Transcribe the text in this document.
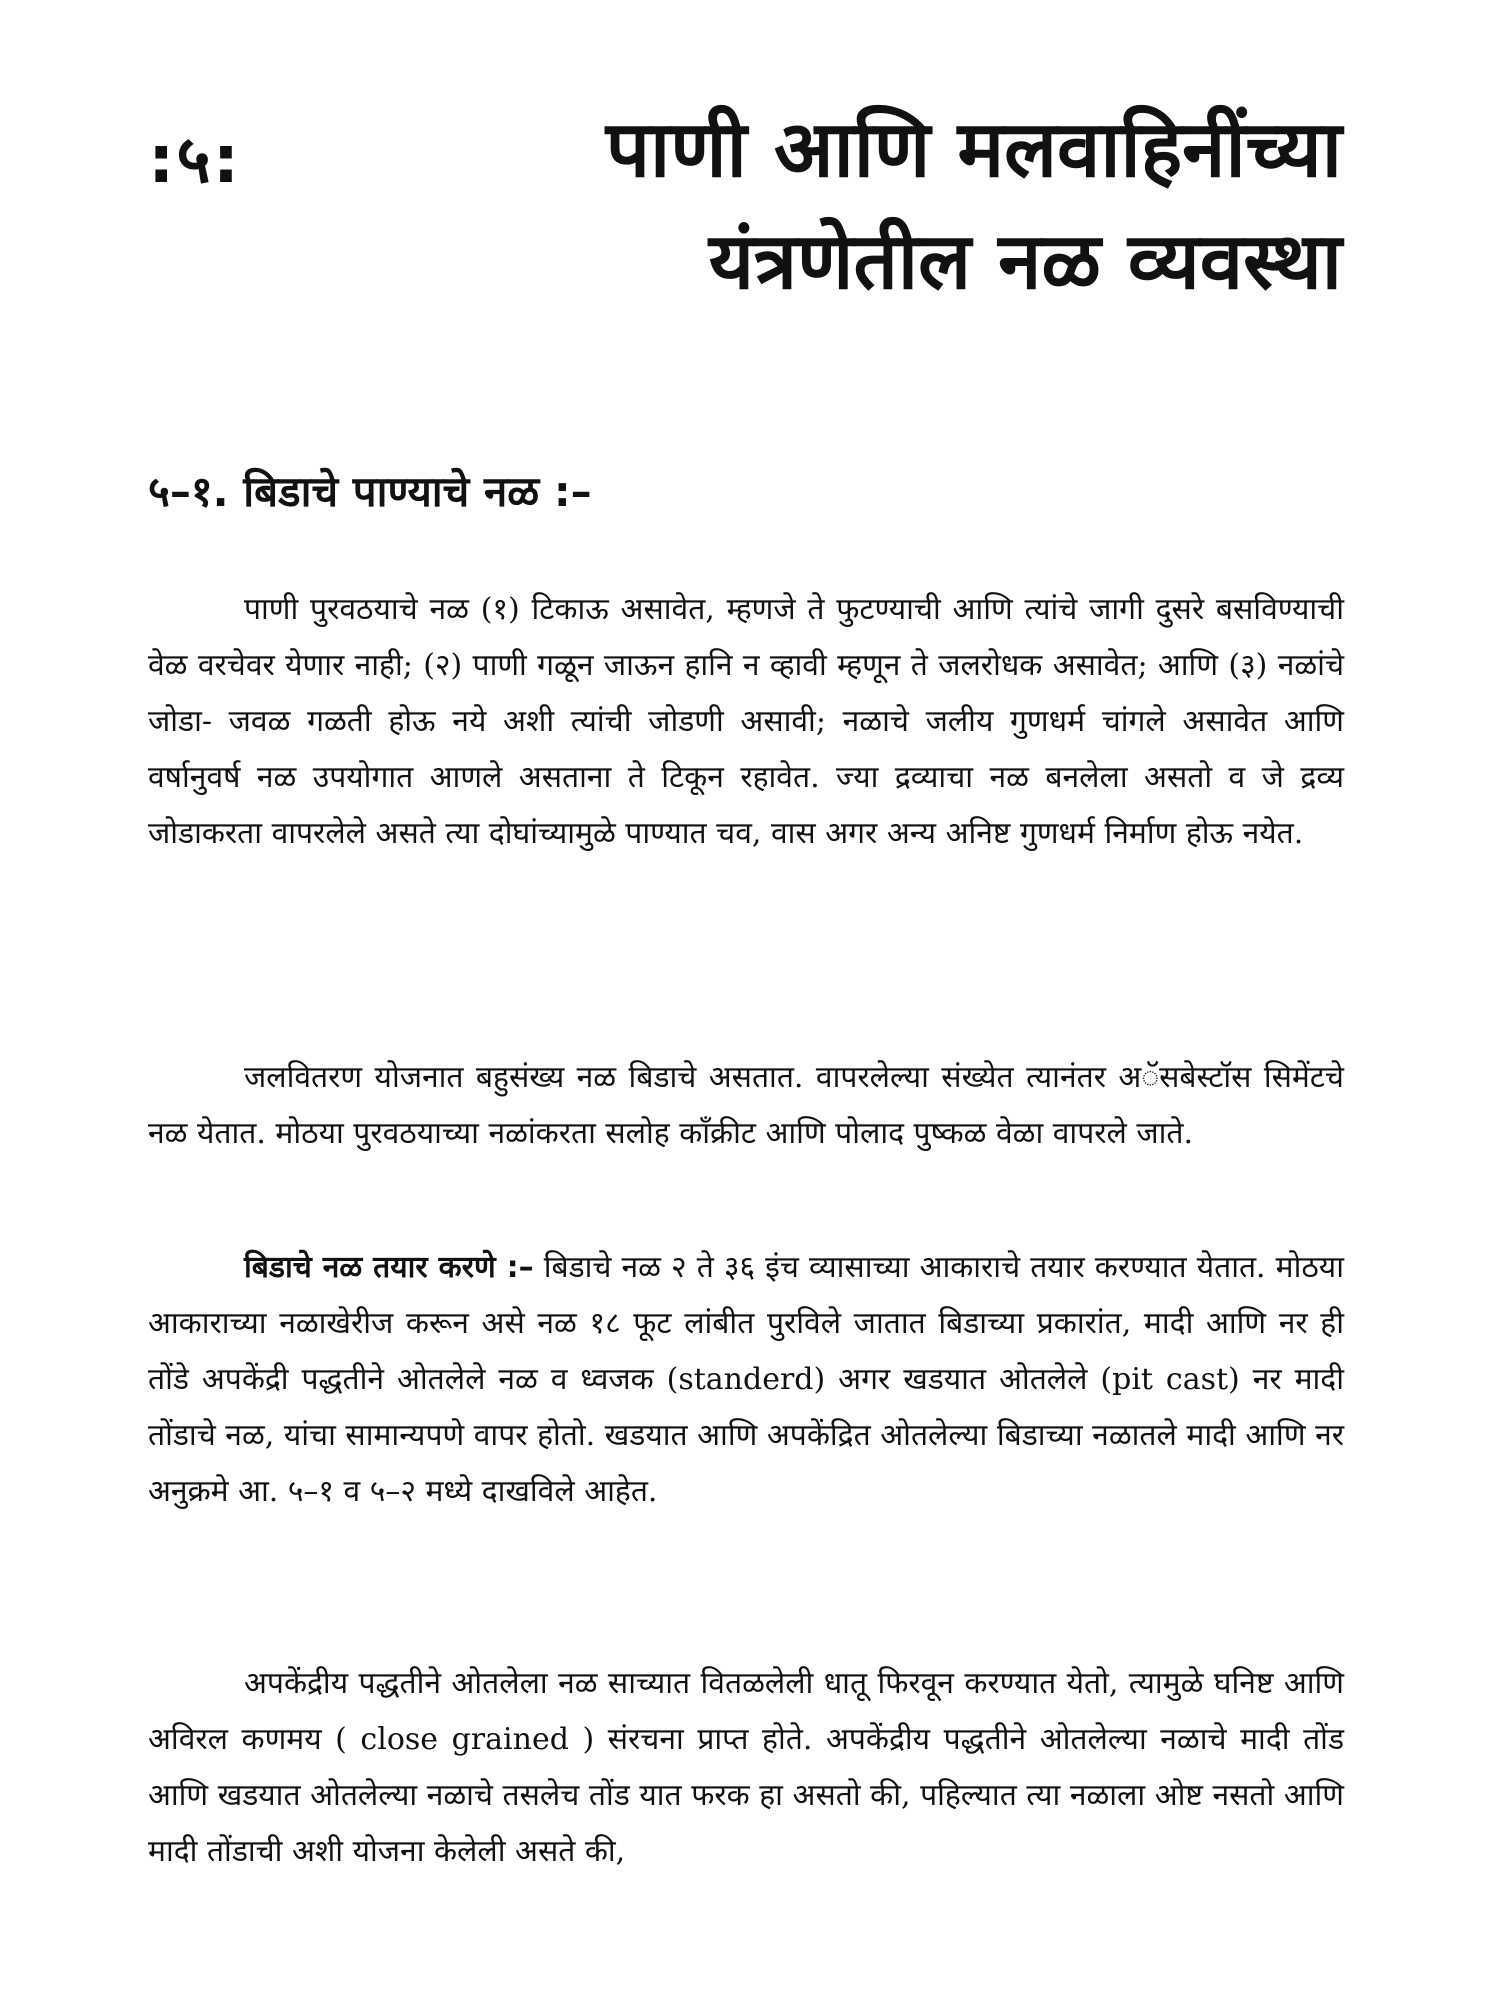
:५:	पाणी आणि मलवाहिनींच्या
यंत्रणेतील नळ व्यवस्था
५–१. बिडाचे पाण्याचे नळ :–

पाणी पुरवठयाचे नळ (१) टिकाऊ असावेत, म्हणजे ते फुटण्याची आणि त्यांचे जागी दुसरे बसविण्याची वेळ वरचेवर येणार नाही; (२) पाणी गळून जाऊन हानि न व्हावी म्हणून ते जलरोधक असावेत; आणि (३) नळांचे जोडा- जवळ गळती होऊ नये अशी त्यांची जोडणी असावी; नळाचे जलीय गुणधर्म चांगले असावेत आणि वर्षानुवर्ष नळ उपयोगात आणले असताना ते टिकून रहावेत. ज्या द्रव्याचा नळ बनलेला असतो व जे द्रव्य जोडाकरता वापरलेले असते त्या दोघांच्यामुळे पाण्यात चव, वास अगर अन्य अनिष्ट गुणधर्म निर्माण होऊ नयेत.

जलवितरण योजनात बहुसंख्य नळ बिडाचे असतात. वापरलेल्या संख्येत त्यानंतर अॅसबेस्टॉस सिमेंटचे नळ येतात. मोठया पुरवठयाच्या नळांकरता सलोह कॉंक्रीट आणि पोलाद पुष्कळ वेळा वापरले जाते.

बिडाचे नळ तयार करणे :– बिडाचे नळ २ ते ३६ इंच व्यासाच्या आकाराचे तयार करण्यात येतात. मोठया आकाराच्या नळाखेरीज करून असे नळ १८ फूट लांबीत पुरविले जातात बिडाच्या प्रकारांत, मादी आणि नर ही तोंडे अपकेंद्री पद्धतीने ओतलेले नळ व ध्वजक (standerd) अगर खडयात ओतलेले (pit cast) नर मादी तोंडाचे नळ, यांचा सामान्यपणे वापर होतो. खडयात आणि अपकेंद्रित ओतलेल्या बिडाच्या नळातले मादी आणि नर अनुक्रमे आ. ५–१ व ५–२ मध्ये दाखविले आहेत.

अपकेंद्रीय पद्धतीने ओतलेला नळ साच्यात वितळलेली धातू फिरवून करण्यात येतो, त्यामुळे घनिष्ट आणि अविरल कणमय ( close grained ) संरचना प्राप्त होते. अपकेंद्रीय पद्धतीने ओतलेल्या नळाचे मादी तोंड आणि खडयात ओतलेल्या नळाचे तसलेच तोंड यात फरक हा असतो की, पहिल्यात त्या नळाला ओष्ट नसतो आणि मादी तोंडाची अशी योजना केलेली असते की,
